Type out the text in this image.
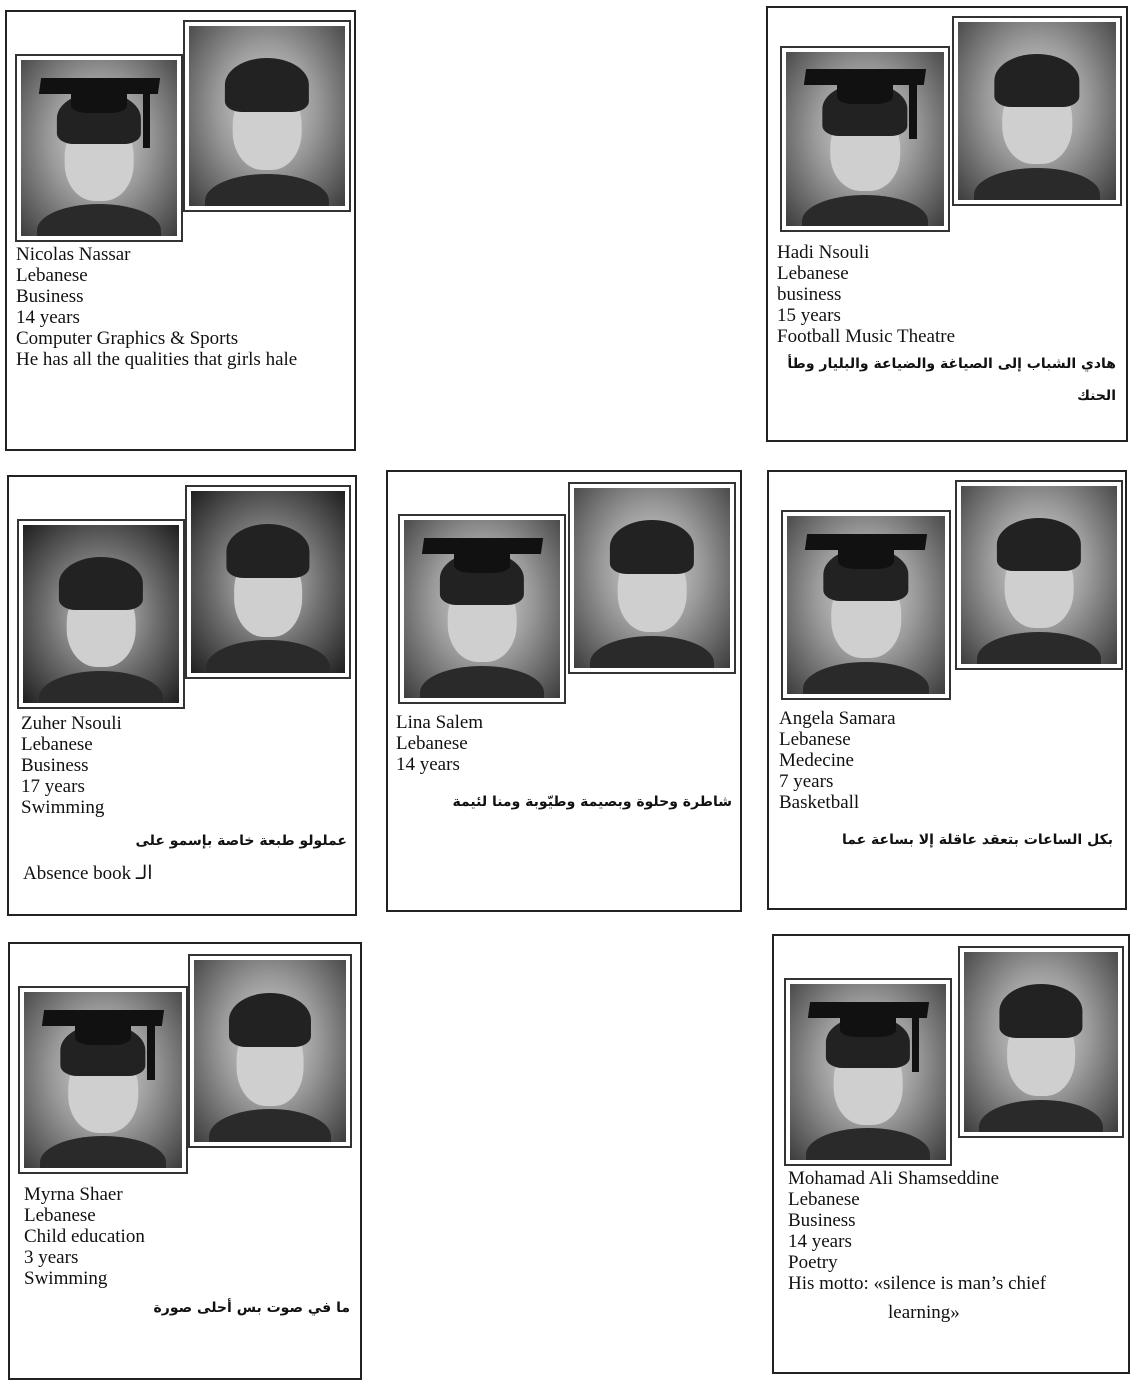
Nicolas Nassar
Lebanese
Business
14 years
Computer Graphics & Sports
He has all the qualities that girls hale
Hadi Nsouli
Lebanese
business
15 years
Football Music Theatre
هادي الشباب إلى الصياغة والضياعة والبليار وطأ
الحنك
Zuher Nsouli
Lebanese
Business
17 years
Swimming
عملولو طبعة خاصة بإسمو على
Absence book الـ
Lina Salem
Lebanese
14 years
شاطرة وحلوة وبصيمة وطيّوبة ومنا لئيمة
Angela Samara
Lebanese
Medecine
7 years
Basketball
بكل الساعات بتعقد عاقلة إلا بساعة عما
Myrna Shaer
Lebanese
Child education
3 years
Swimming
ما في صوت بس أحلى صورة
Mohamad Ali Shamseddine
Lebanese
Business
14 years
Poetry
His motto: «silence is man’s chief
learning»
